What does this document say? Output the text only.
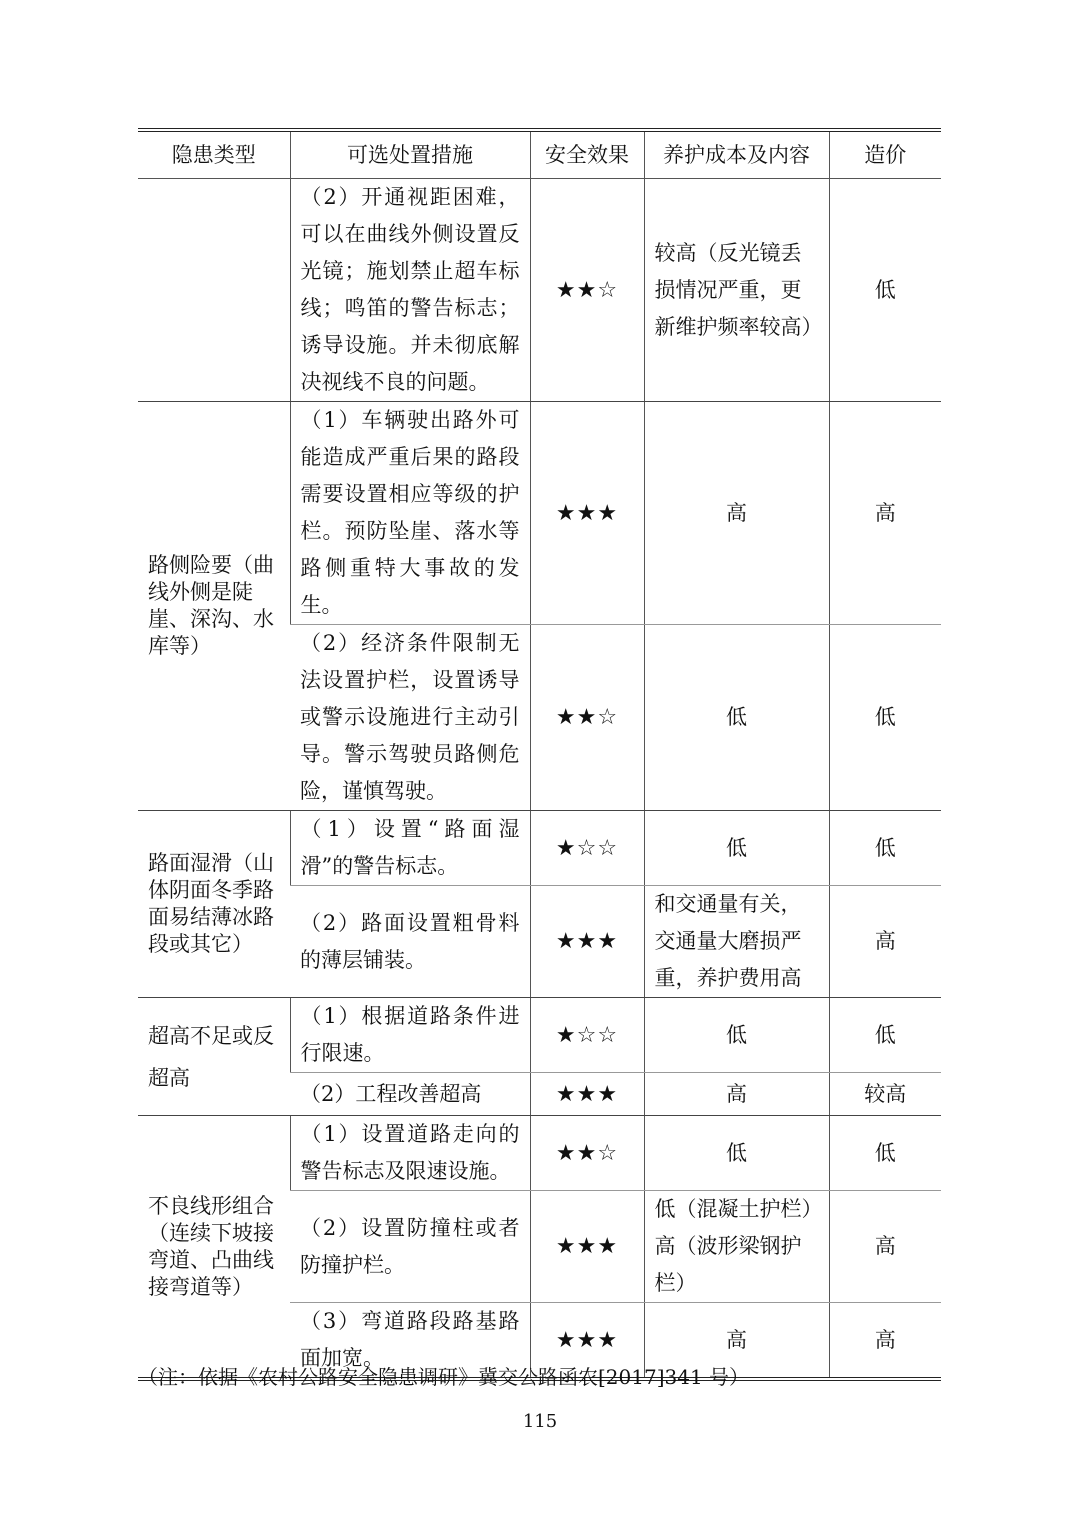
隐患类型	可选处置措施	安全效果	养护成本及内容	造价
	（2）开通视距困难，可以在曲线外侧设置反光镜；施划禁止超车标线；鸣笛的警告标志；诱导设施。并未彻底解决视线不良的问题。	★★☆	较高（反光镜丢损情况严重，更新维护频率较高）	低
路侧险要（曲线外侧是陡崖、深沟、水库等）	（1）车辆驶出路外可能造成严重后果的路段需要设置相应等级的护栏。预防坠崖、落水等路侧重特大事故的发生。	★★★	高	高
	（2）经济条件限制无法设置护栏，设置诱导或警示设施进行主动引导。警示驾驶员路侧危险，谨慎驾驶。	★★☆	低	低
路面湿滑（山体阴面冬季路面易结薄冰路段或其它）	（1）设置“路面湿滑”的警告标志。	★☆☆	低	低
	（2）路面设置粗骨料的薄层铺装。	★★★	和交通量有关，交通量大磨损严重，养护费用高	高
超高不足或反超高	（1）根据道路条件进行限速。	★☆☆	低	低
	（2）工程改善超高	★★★	高	较高
不良线形组合（连续下坡接弯道、凸曲线接弯道等）	（1）设置道路走向的警告标志及限速设施。	★★☆	低	低
	（2）设置防撞柱或者防撞护栏。	★★★	低（混凝土护栏）高（波形梁钢护栏）	高
	（3）弯道路段路基路面加宽。	★★★	高	高
（注：依据《农村公路安全隐患调研》冀交公路函农[2017]341 号）
115
